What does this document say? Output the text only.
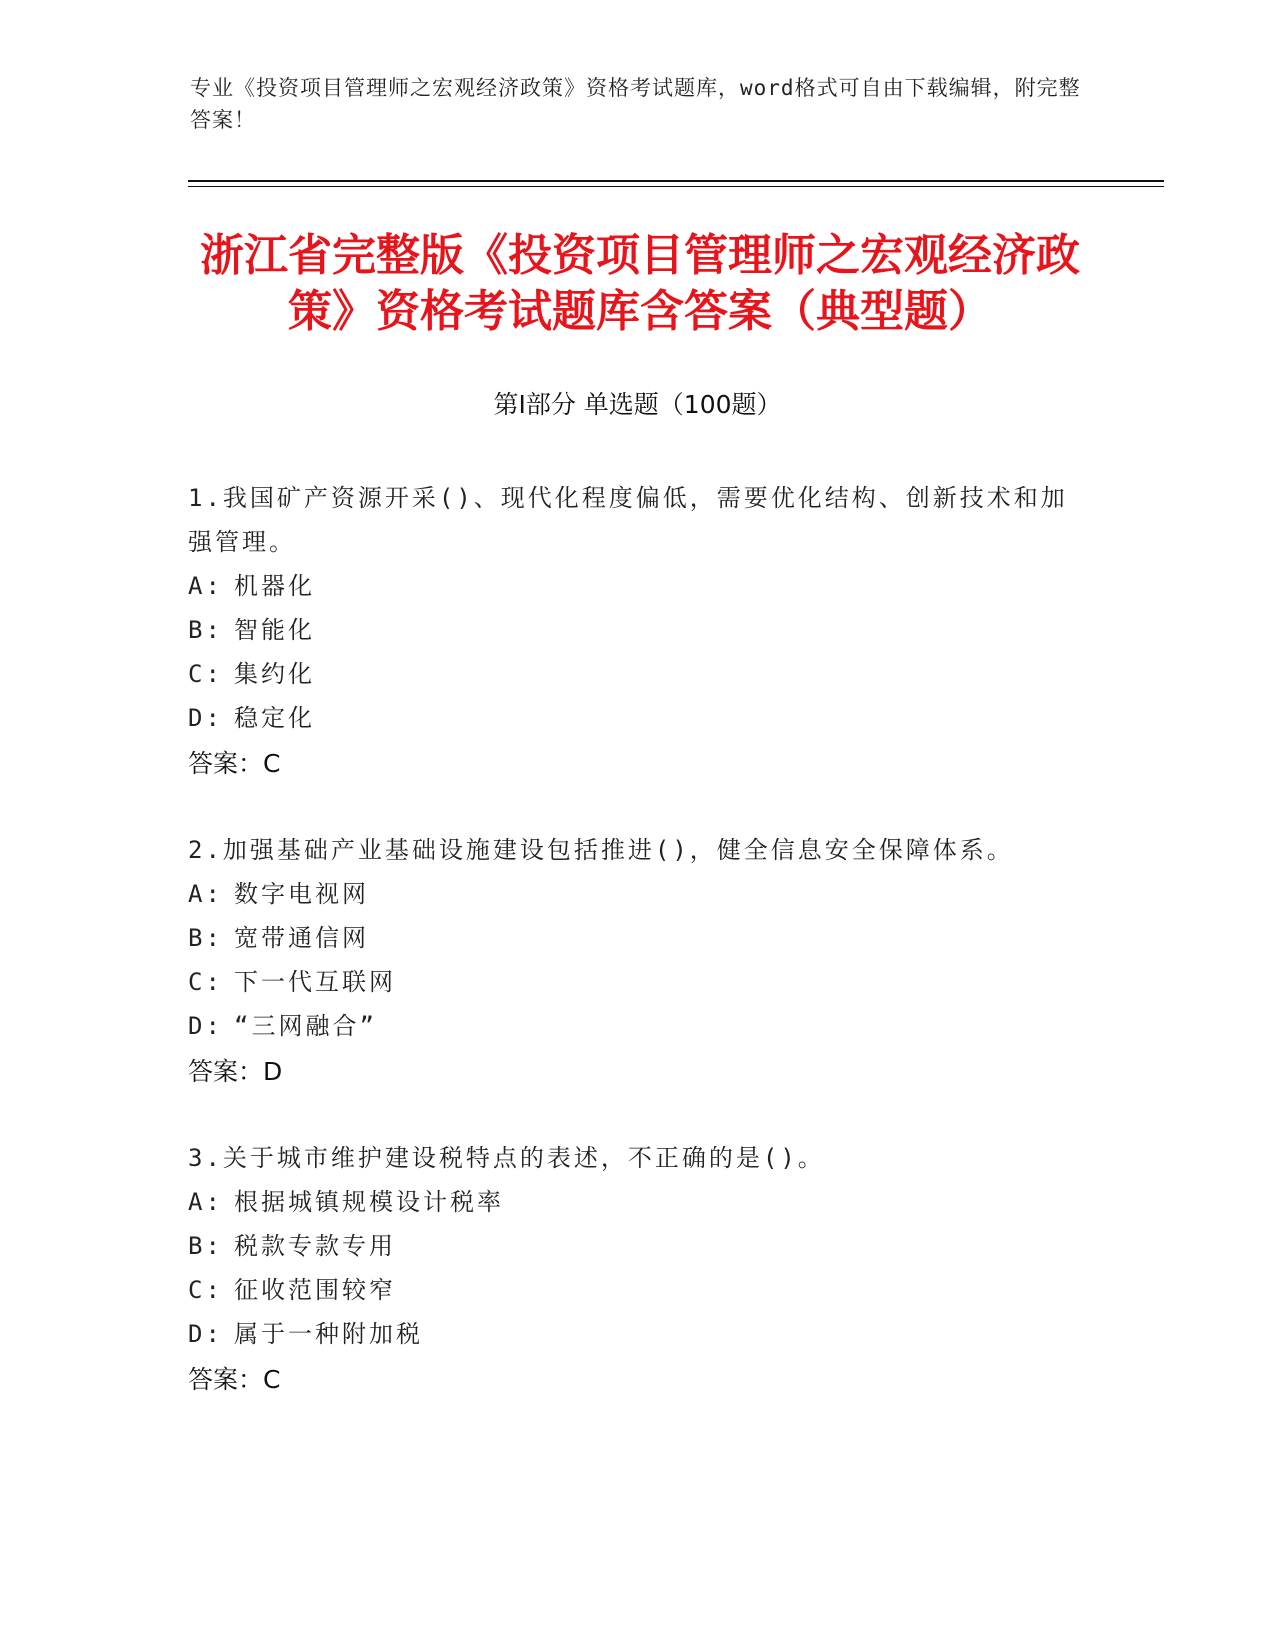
专业《投资项目管理师之宏观经济政策》资格考试题库，word格式可自由下载编辑，附完整答案！
浙江省完整版《投资项目管理师之宏观经济政策》资格考试题库含答案（典型题）
第Ⅰ部分 单选题（100题）
1.我国矿产资源开采()、现代化程度偏低，需要优化结构、创新技术和加强管理。
A: 机器化
B: 智能化
C: 集约化
D: 稳定化
答案：C
2.加强基础产业基础设施建设包括推进()，健全信息安全保障体系。
A: 数字电视网
B: 宽带通信网
C: 下一代互联网
D: “三网融合”
答案：D
3.关于城市维护建设税特点的表述，不正确的是()。
A: 根据城镇规模设计税率
B: 税款专款专用
C: 征收范围较窄
D: 属于一种附加税
答案：C
